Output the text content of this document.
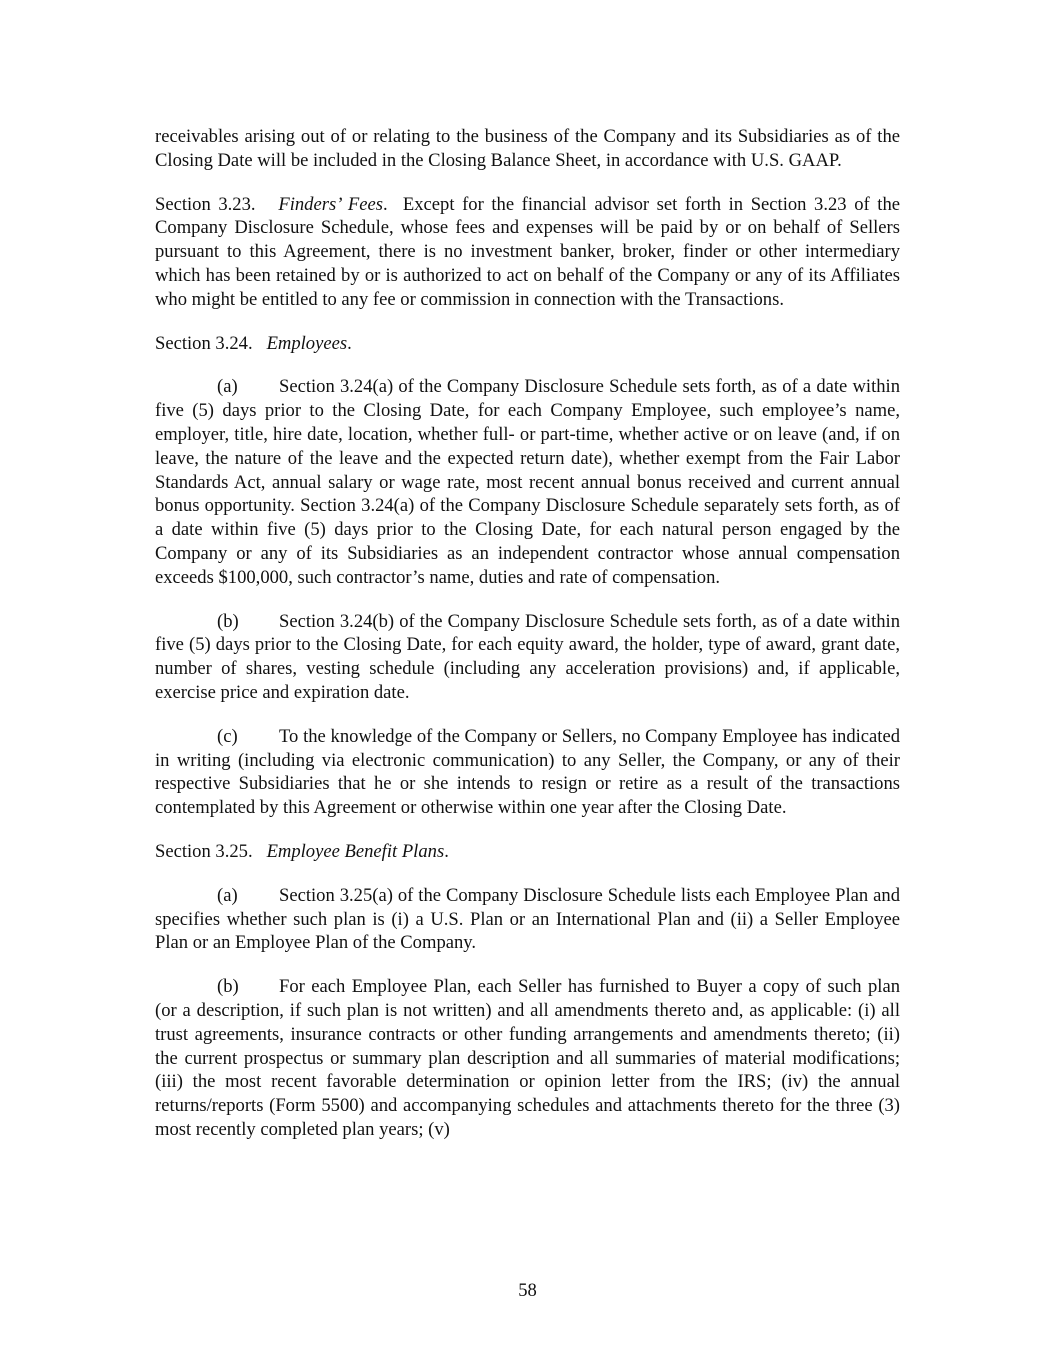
receivables arising out of or relating to the business of the Company and its Subsidiaries as of the Closing Date will be included in the Closing Balance Sheet, in accordance with U.S. GAAP.

Section 3.23. Finders’ Fees.  Except for the financial advisor set forth in Section 3.23 of the Company Disclosure Schedule, whose fees and expenses will be paid by or on behalf of Sellers pursuant to this Agreement, there is no investment banker, broker, finder or other intermediary which has been retained by or is authorized to act on behalf of the Company or any of its Affiliates who might be entitled to any fee or commission in connection with the Transactions.

Section 3.24. Employees.

(a) Section 3.24(a) of the Company Disclosure Schedule sets forth, as of a date within five (5) days prior to the Closing Date, for each Company Employee, such employee’s name, employer, title, hire date, location, whether full- or part-time, whether active or on leave (and, if on leave, the nature of the leave and the expected return date), whether exempt from the Fair Labor Standards Act, annual salary or wage rate, most recent annual bonus received and current annual bonus opportunity. Section 3.24(a) of the Company Disclosure Schedule separately sets forth, as of a date within five (5) days prior to the Closing Date, for each natural person engaged by the Company or any of its Subsidiaries as an independent contractor whose annual compensation exceeds $100,000, such contractor’s name, duties and rate of compensation.

(b) Section 3.24(b) of the Company Disclosure Schedule sets forth, as of a date within five (5) days prior to the Closing Date, for each equity award, the holder, type of award, grant date, number of shares, vesting schedule (including any acceleration provisions) and, if applicable, exercise price and expiration date.

(c) To the knowledge of the Company or Sellers, no Company Employee has indicated in writing (including via electronic communication) to any Seller, the Company, or any of their respective Subsidiaries that he or she intends to resign or retire as a result of the transactions contemplated by this Agreement or otherwise within one year after the Closing Date.

Section 3.25. Employee Benefit Plans.

(a) Section 3.25(a) of the Company Disclosure Schedule lists each Employee Plan and specifies whether such plan is (i) a U.S. Plan or an International Plan and (ii) a Seller Employee Plan or an Employee Plan of the Company.

(b) For each Employee Plan, each Seller has furnished to Buyer a copy of such plan (or a description, if such plan is not written) and all amendments thereto and, as applicable: (i) all trust agreements, insurance contracts or other funding arrangements and amendments thereto; (ii) the current prospectus or summary plan description and all summaries of material modifications; (iii) the most recent favorable determination or opinion letter from the IRS; (iv) the annual returns/reports (Form 5500) and accompanying schedules and attachments thereto for the three (3) most recently completed plan years; (v)

58
